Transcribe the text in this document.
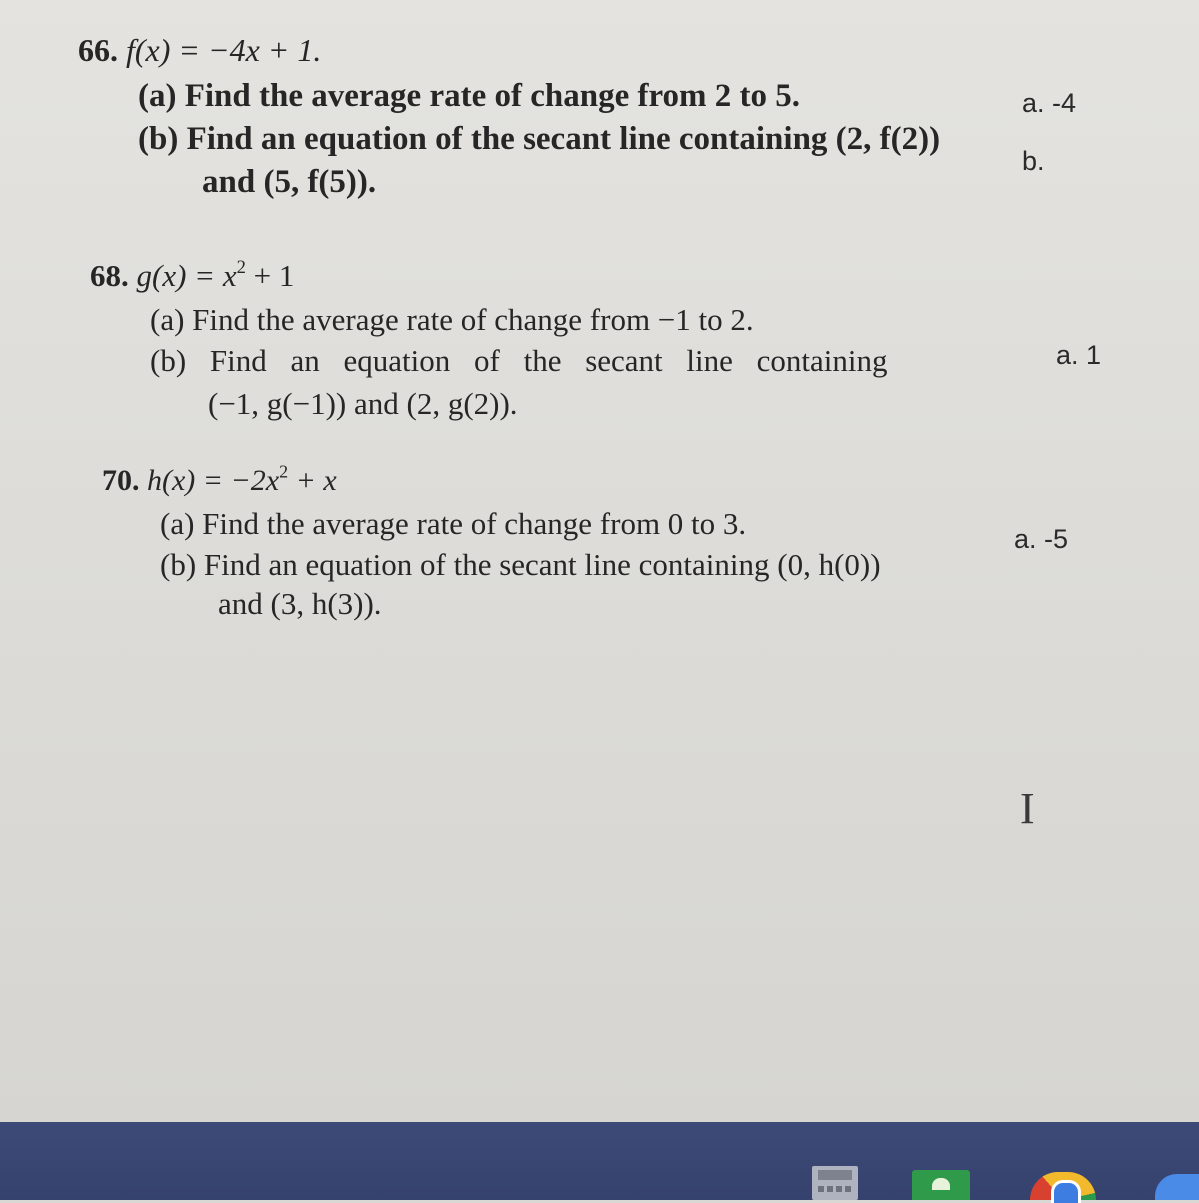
66. f(x) = −4x + 1.
(a) Find the average rate of change from 2 to 5.
(b) Find an equation of the secant line containing (2, f(2))
and (5, f(5)).
a. -4
b.
68. $g(x) = x^2 + 1$
(a) Find the average rate of change from −1 to 2.
(b) Find an equation of the secant line containing
(−1, g(−1)) and (2, g(2)).
a. 1
70. $h(x) = -2x^2 + x$
(a) Find the average rate of change from 0 to 3.
(b) Find an equation of the secant line containing (0, h(0))
and (3, h(3)).
a. -5
I
